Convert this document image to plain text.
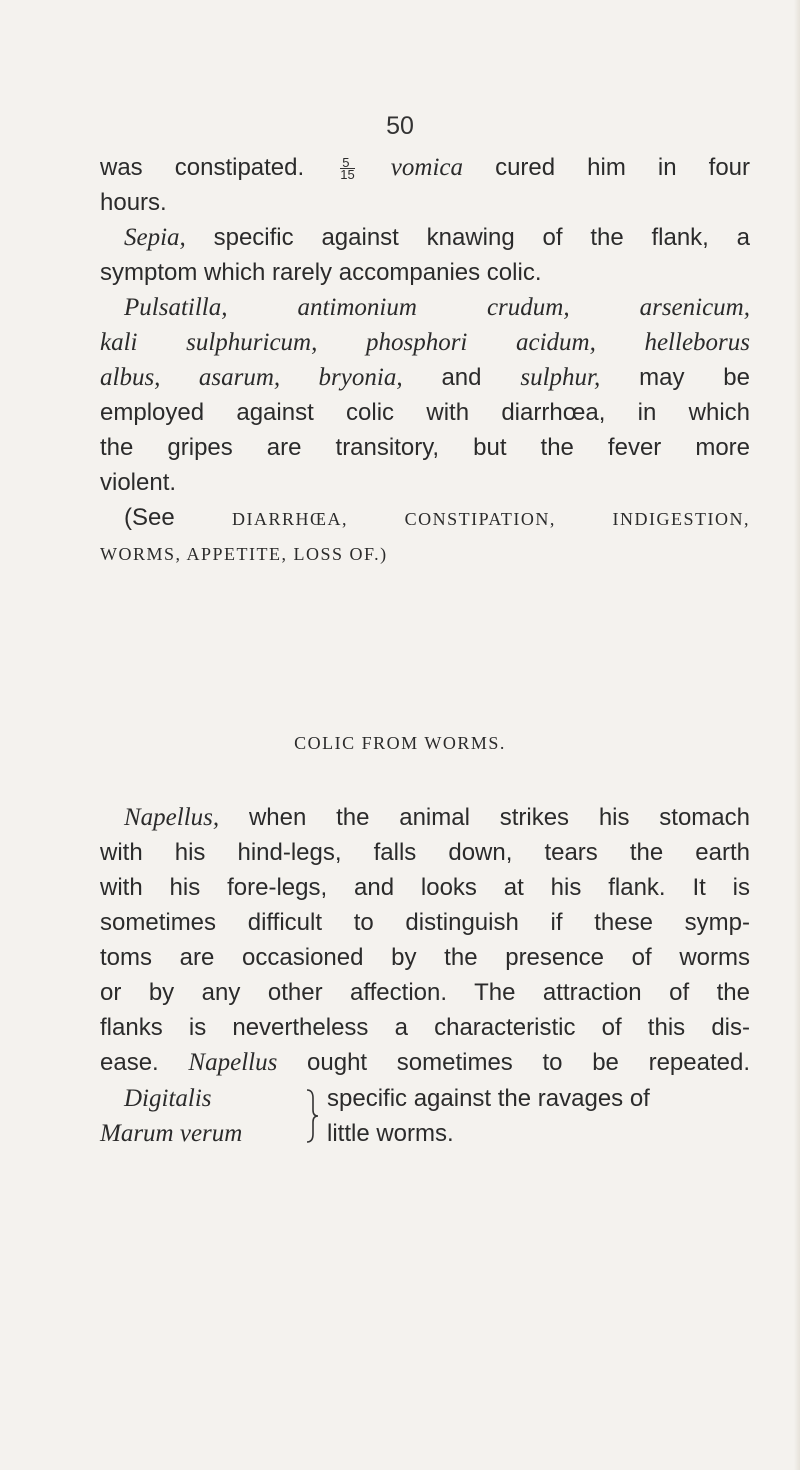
50
was constipated.	$\frac{5}{15}$ vomica cured him in four
hours.
Sepia, specific against knawing of the flank, a
symptom which rarely accompanies colic.
Pulsatilla, antimonium crudum, arsenicum,
kali sulphuricum, phosphori acidum, helleborus
albus, asarum, bryonia, and sulphur, may be
employed against colic with diarrhœa, in which
the gripes are transitory, but the fever more
violent.
(See	DIARRHŒA, CONSTIPATION, INDIGESTION,
WORMS, APPETITE, LOSS OF.)
COLIC FROM WORMS.
Napellus, when the animal strikes his stomach
with his hind-legs, falls down, tears the earth
with his fore-legs, and looks at his flank. It is
sometimes difficult to distinguish if these symp-
toms are occasioned by the presence of worms
or by any other affection. The attraction of the
flanks is nevertheless a characteristic of this dis-
ease. Napellus ought sometimes to be repeated.
Digitalis
Marum verum
specific against the ravages of
little worms.
